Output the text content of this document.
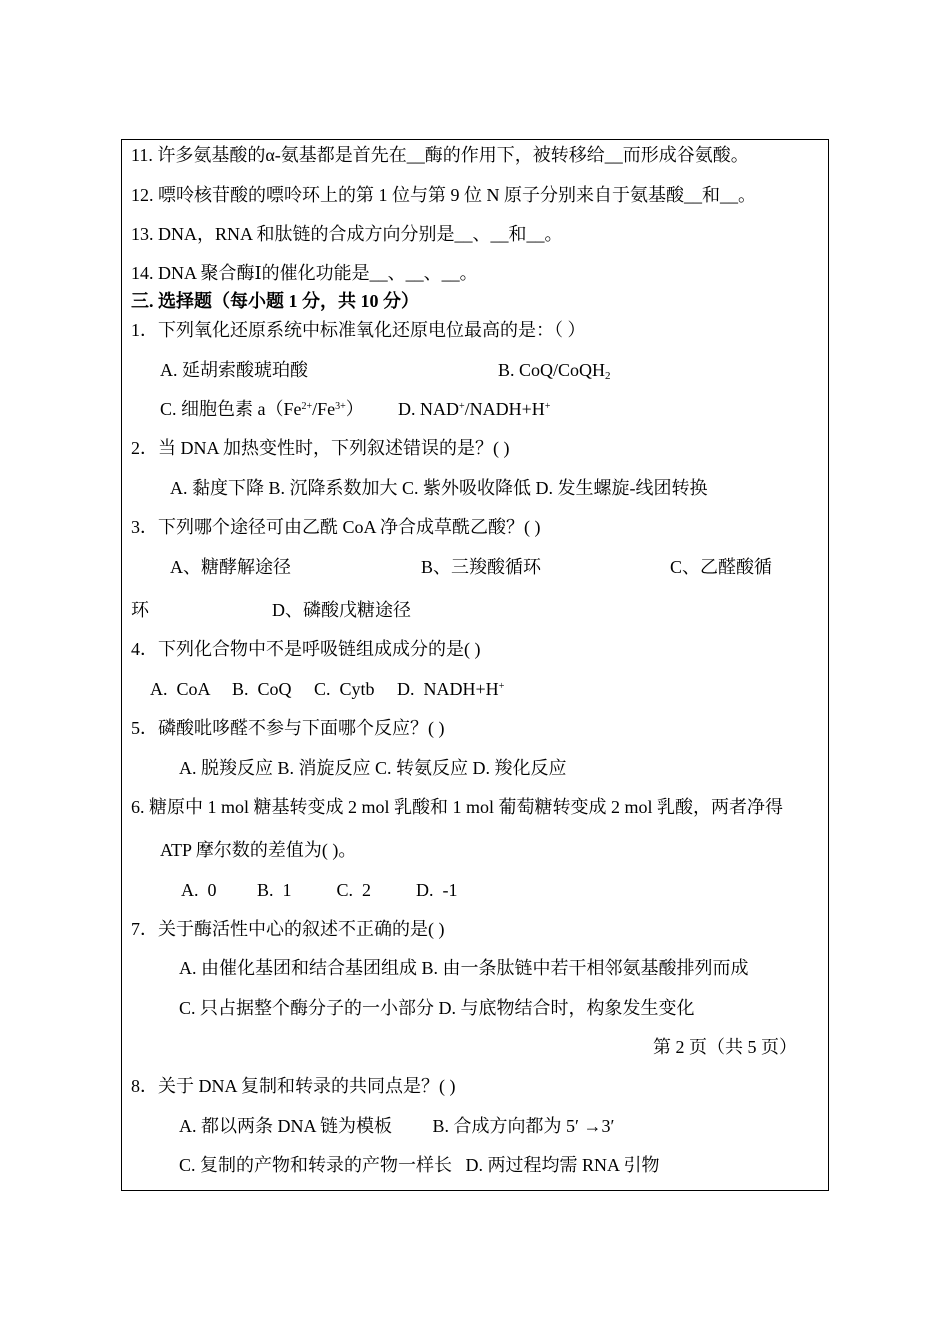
11. 许多氨基酸的α-氨基都是首先在__酶的作用下，被转移给__而形成谷氨酸。
12. 嘌呤核苷酸的嘌呤环上的第 1 位与第 9 位 N 原子分别来自于氨基酸__和__。
13. DNA，RNA 和肽链的合成方向分别是__、__和__。
14. DNA 聚合酶Ⅰ的催化功能是__、__、__。
三. 选择题（每小题 1 分，共 10 分）
1．下列氧化还原系统中标准氧化还原电位最高的是：（ ）
A. 延胡索酸琥珀酸	B. CoQ/CoQH$_2$
C. 细胞色素 $a(Fe^{2+}/Fe^{3+})$ D. NAD+/NADH+H+
2．当 DNA 加热变性时，下列叙述错误的是？( )
A. 黏度下降 B. 沉降系数加大 C. 紫外吸收降低 D. 发生螺旋-线团转换
3．下列哪个途径可由乙酰 CoA 净合成草酰乙酸？( )
A、糖酵解途径	B、三羧酸循环	C、乙醛酸循
环	D、磷酸戊糖途径
4．下列化合物中不是呼吸链组成成分的是( )
A.  CoA     B.  CoQ     C.  Cytb     D.  NADH+H+
5．磷酸吡哆醛不参与下面哪个反应？( )
A. 脱羧反应 B. 消旋反应 C. 转氨反应 D. 羧化反应
6. 糖原中 1 mol 糖基转变成 2 mol 乳酸和 1 mol 葡萄糖转变成 2 mol 乳酸，两者净得
ATP 摩尔数的差值为( )。
A.  0         B.  1          C.  2          D.  -1
7．关于酶活性中心的叙述不正确的是( )
A. 由催化基团和结合基团组成 B. 由一条肽链中若干相邻氨基酸排列而成
C. 只占据整个酶分子的一小部分 D. 与底物结合时，构象发生变化
第 2 页（共 5 页）
8．关于 DNA 复制和转录的共同点是？( )
A. 都以两条 DNA 链为模板         B. 合成方向都为 5′ →3′
C. 复制的产物和转录的产物一样长   D. 两过程均需 RNA 引物
